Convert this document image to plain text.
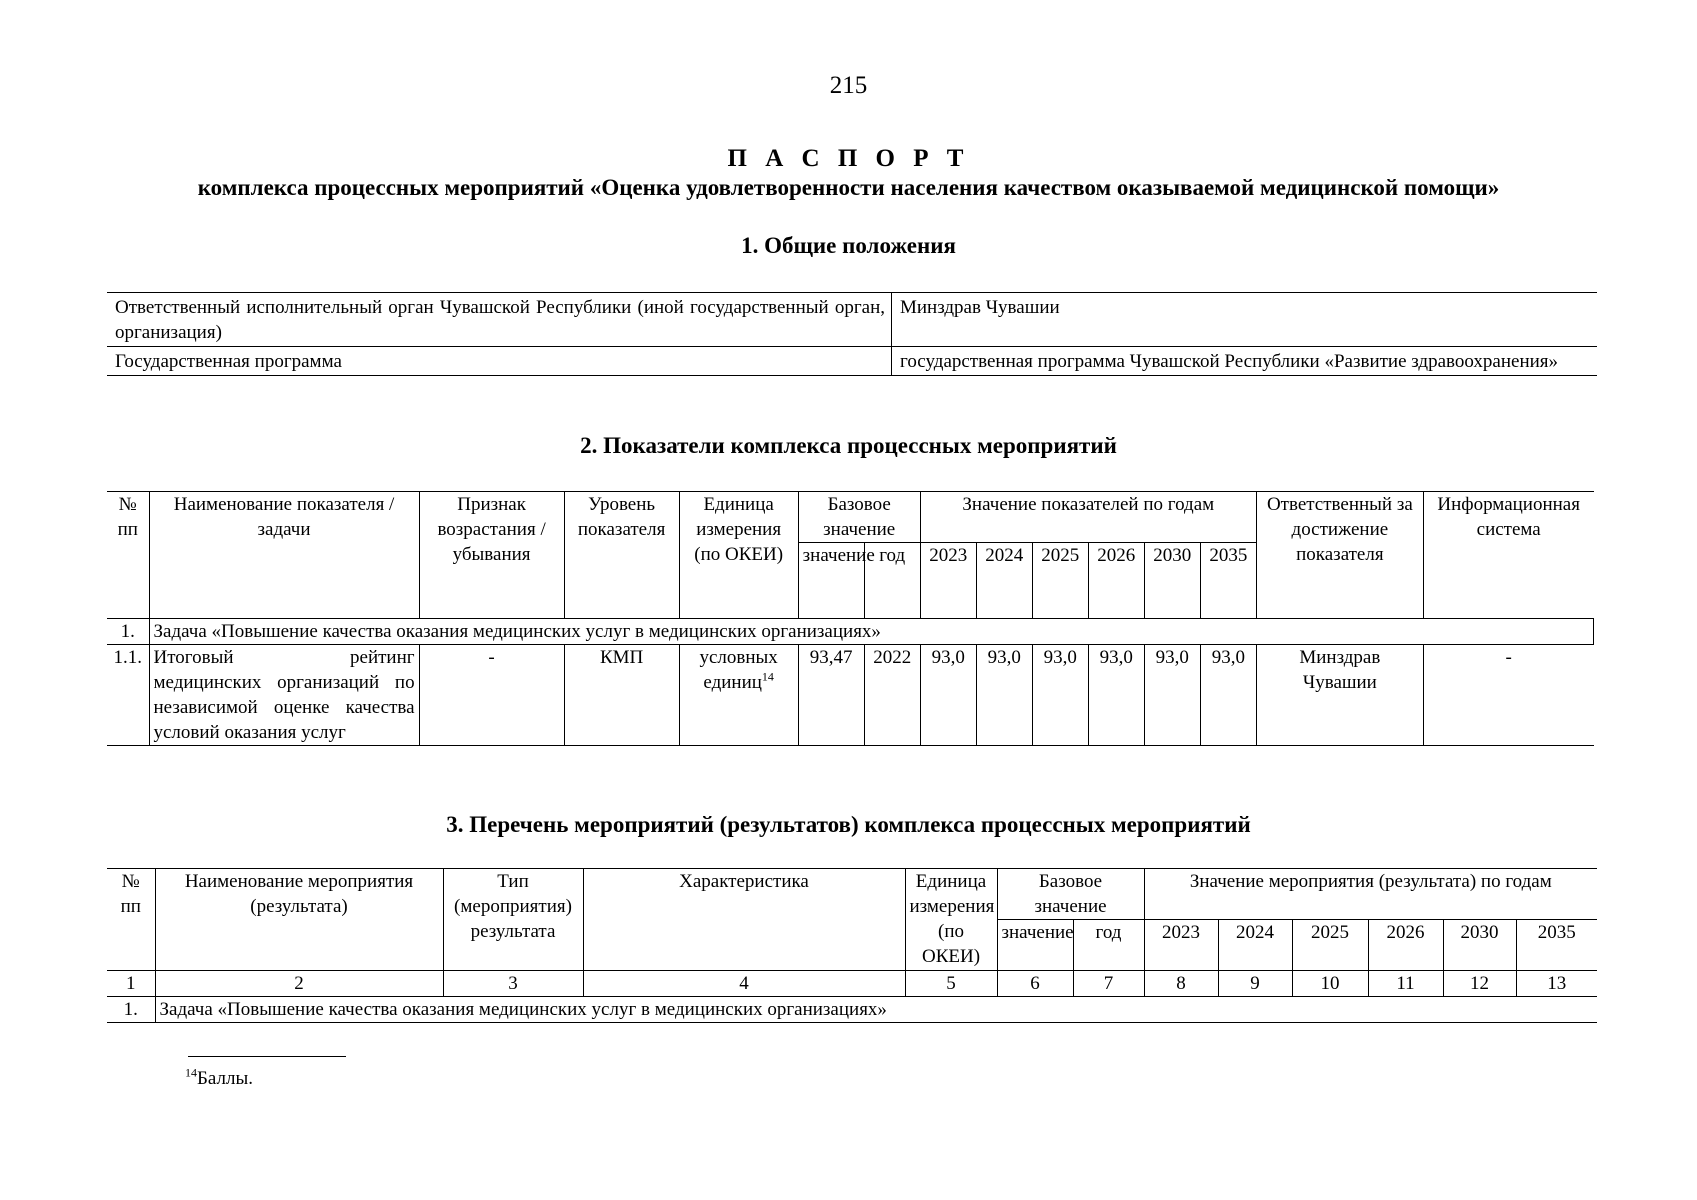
215
П А С П О Р Т
комплекса процессных мероприятий «Оценка удовлетворенности населения качеством оказываемой медицинской помощи»
1. Общие положения
Ответственный исполнительный орган Чувашской Республики (иной государственный орган, организация)	Минздрав Чувашии
Государственная программа	государственная программа Чувашской Республики «Развитие здравоохранения»
2. Показатели комплекса процессных мероприятий
№ пп	Наименование показателя / задачи	Признак возрастания / убывания	Уровень показателя	Единица измерения (по ОКЕИ)	Базовое значение		Значение показателей по годам						Ответственный за достижение показателя	Информационная система
					значение	год	2023	2024	2025	2026	2030	2035		
1.	Задача «Повышение качества оказания медицинских услуг в медицинских организациях»													
1.1.	Итоговый рейтинг медицинских организаций по независимой оценке качества условий оказания услуг	-	КМП	условных единиц$^{14}$	93,47	2022	93,0	93,0	93,0	93,0	93,0	93,0	Минздрав Чувашии	-
3. Перечень мероприятий (результатов) комплекса процессных мероприятий
№ пп	Наименование мероприятия (результата)	Тип (мероприятия) результата	Характеристика	Единица измерения (по ОКЕИ)	Базовое значение		Значение мероприятия (результата) по годам					
					значение	год	2023	2024	2025	2026	2030	2035
1	2	3	4	5	6	7	8	9	10	11	12	13
1.	Задача «Повышение качества оказания медицинских услуг в медицинских организациях»											
$^{14}$Баллы.
